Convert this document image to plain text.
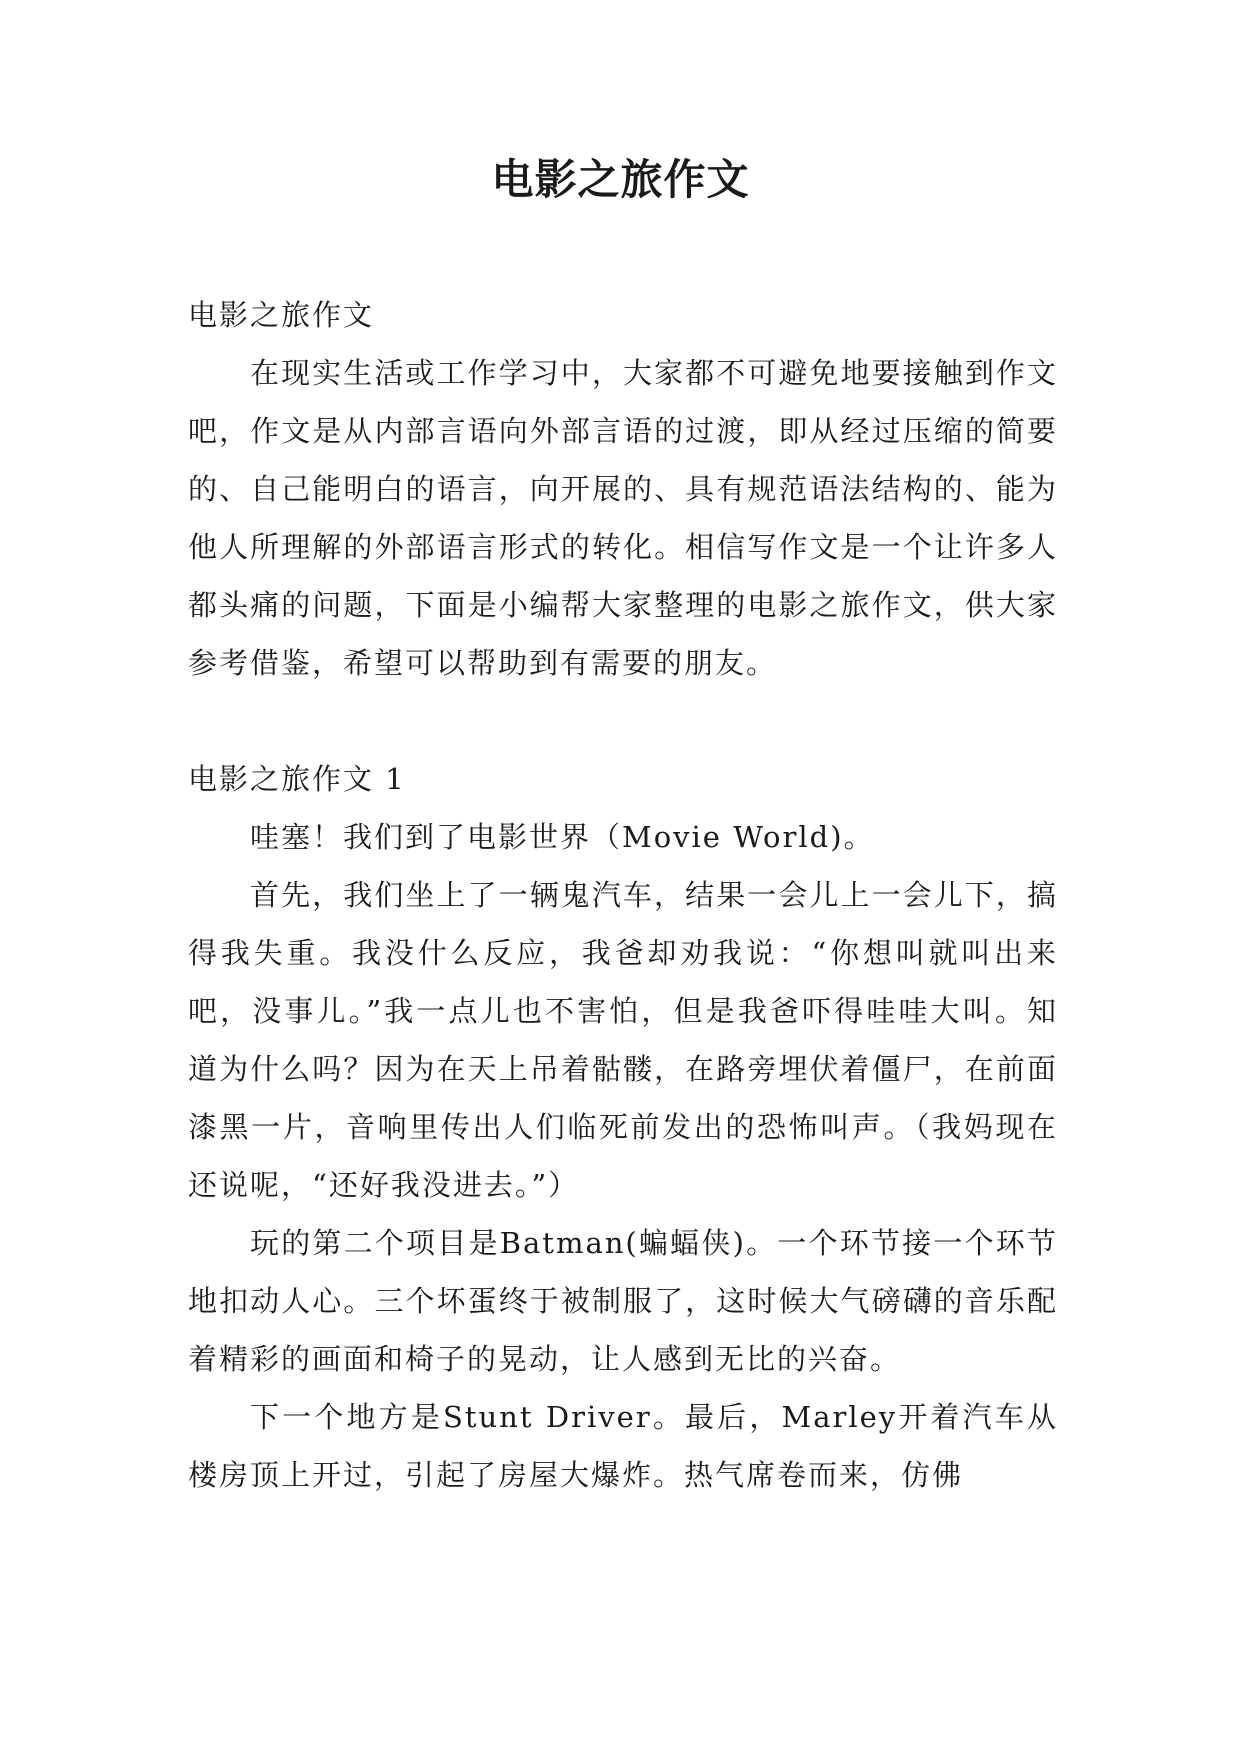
电影之旅作文

电影之旅作文

在现实生活或工作学习中，大家都不可避免地要接触到作文吧，作文是从内部言语向外部言语的过渡，即从经过压缩的简要的、自己能明白的语言，向开展的、具有规范语法结构的、能为他人所理解的外部语言形式的转化。相信写作文是一个让许多人都头痛的问题，下面是小编帮大家整理的电影之旅作文，供大家参考借鉴，希望可以帮助到有需要的朋友。

电影之旅作文 1

哇塞！我们到了电影世界（Movie World)。

首先，我们坐上了一辆鬼汽车，结果一会儿上一会儿下，搞得我失重。我没什么反应，我爸却劝我说：“你想叫就叫出来吧，没事儿。”我一点儿也不害怕，但是我爸吓得哇哇大叫。知道为什么吗？因为在天上吊着骷髅，在路旁埋伏着僵尸，在前面漆黑一片，音响里传出人们临死前发出的恐怖叫声。（我妈现在还说呢，“还好我没进去。”）

玩的第二个项目是Batman(蝙蝠侠)。一个环节接一个环节地扣动人心。三个坏蛋终于被制服了，这时候大气磅礴的音乐配着精彩的画面和椅子的晃动，让人感到无比的兴奋。

下一个地方是Stunt Driver。最后，Marley开着汽车从楼房顶上开过，引起了房屋大爆炸。热气席卷而来，仿佛
